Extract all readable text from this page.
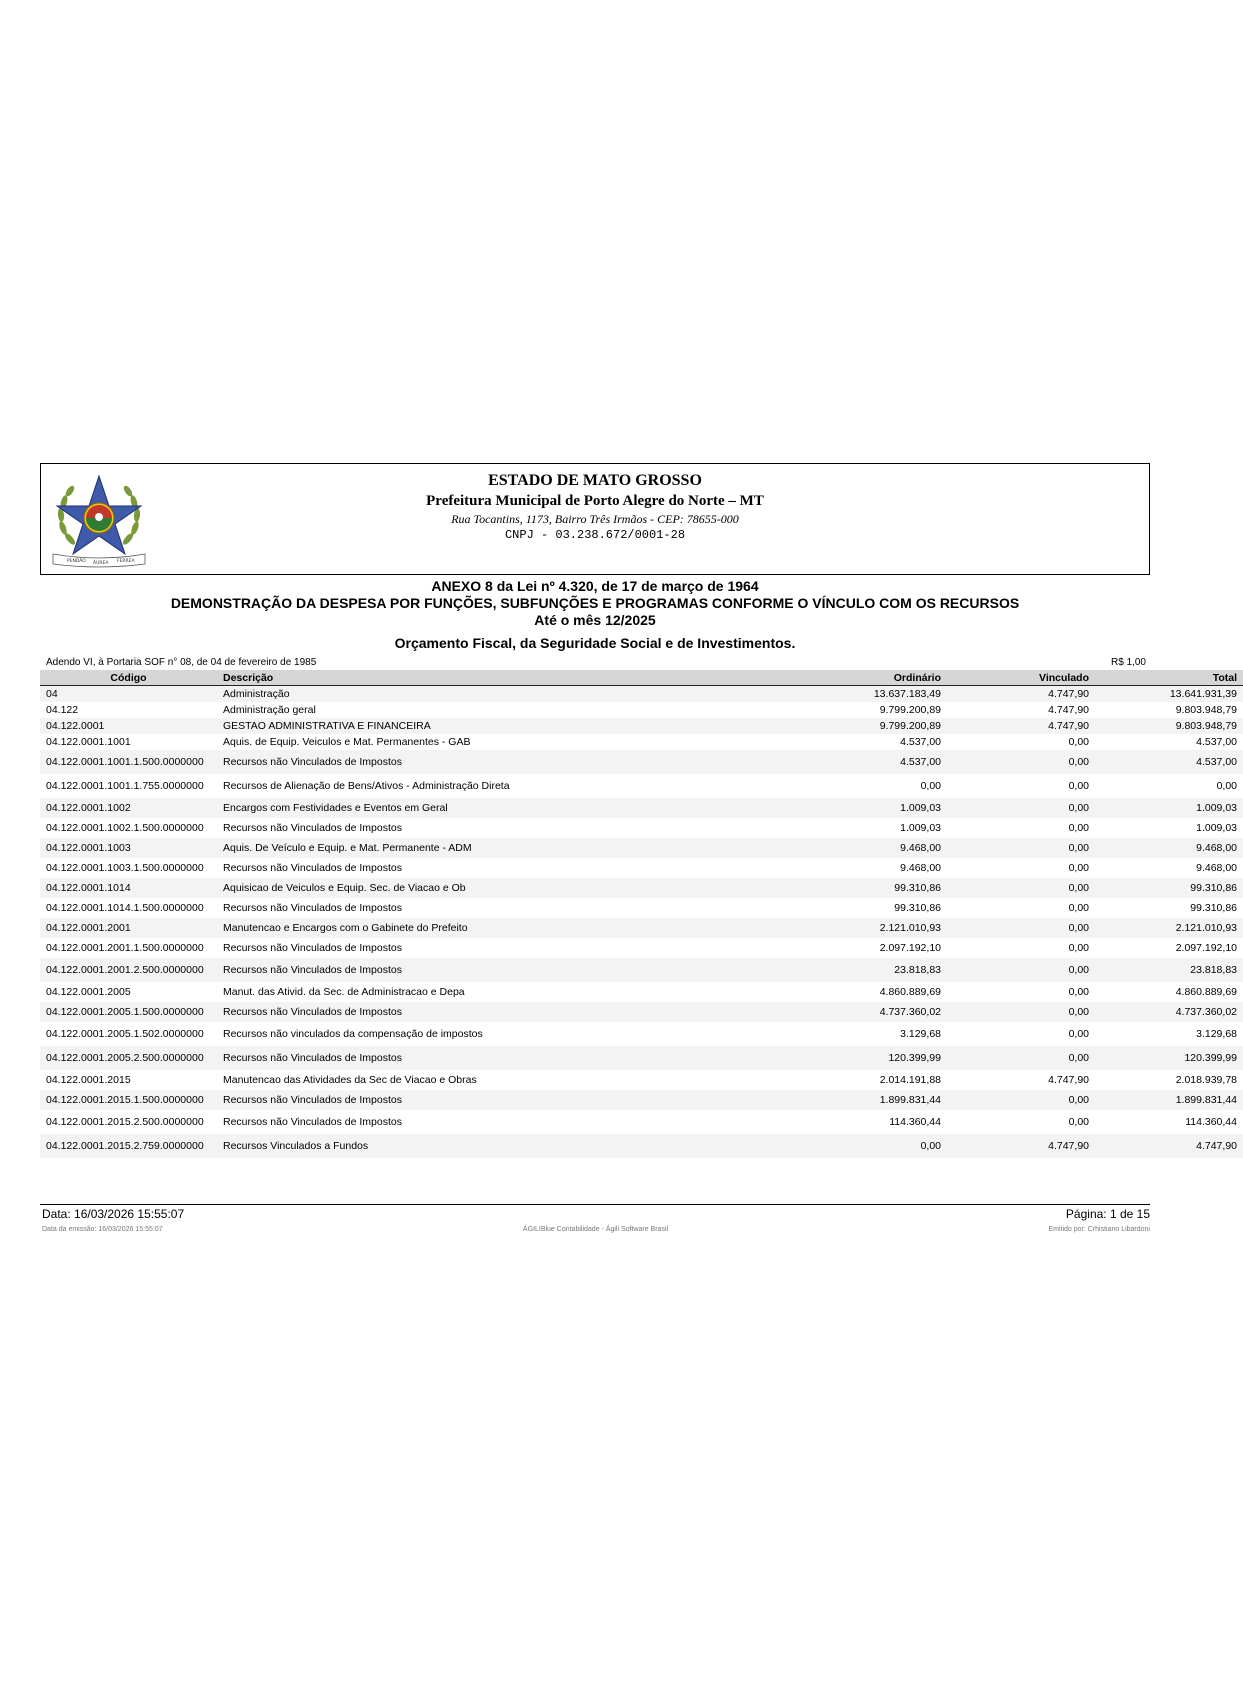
PENDÃO ÁUREA FERREA
ESTADO DE MATO GROSSO
Prefeitura Municipal de Porto Alegre do Norte – MT
Rua Tocantins, 1173, Bairro Três Irmãos - CEP: 78655-000
CNPJ - 03.238.672/0001-28
ANEXO 8 da Lei nº 4.320, de 17 de março de 1964
DEMONSTRAÇÃO DA DESPESA POR FUNÇÕES, SUBFUNÇÕES E PROGRAMAS CONFORME O VÍNCULO COM OS RECURSOS
Até o mês 12/2025
Orçamento Fiscal, da Seguridade Social e de Investimentos.
Adendo VI, à Portaria SOF n° 08, de 04 de fevereiro de 1985	R$ 1,00
Código	Descrição	Ordinário	Vinculado	Total
04	Administração	13.637.183,49	4.747,90	13.641.931,39
04.122	Administração geral	9.799.200,89	4.747,90	9.803.948,79
04.122.0001	GESTAO ADMINISTRATIVA E FINANCEIRA	9.799.200,89	4.747,90	9.803.948,79
04.122.0001.1001	Aquis. de Equip. Veiculos e Mat. Permanentes - GAB	4.537,00	0,00	4.537,00
04.122.0001.1001.1.500.0000000	Recursos não Vinculados de Impostos	4.537,00	0,00	4.537,00
04.122.0001.1001.1.755.0000000	Recursos de Alienação de Bens/Ativos - Administração Direta	0,00	0,00	0,00
04.122.0001.1002	Encargos com Festividades e Eventos em Geral	1.009,03	0,00	1.009,03
04.122.0001.1002.1.500.0000000	Recursos não Vinculados de Impostos	1.009,03	0,00	1.009,03
04.122.0001.1003	Aquis. De Veículo e Equip. e Mat. Permanente - ADM	9.468,00	0,00	9.468,00
04.122.0001.1003.1.500.0000000	Recursos não Vinculados de Impostos	9.468,00	0,00	9.468,00
04.122.0001.1014	Aquisicao de Veiculos e Equip. Sec. de Viacao e Ob	99.310,86	0,00	99.310,86
04.122.0001.1014.1.500.0000000	Recursos não Vinculados de Impostos	99.310,86	0,00	99.310,86
04.122.0001.2001	Manutencao e Encargos com o Gabinete do Prefeito	2.121.010,93	0,00	2.121.010,93
04.122.0001.2001.1.500.0000000	Recursos não Vinculados de Impostos	2.097.192,10	0,00	2.097.192,10
04.122.0001.2001.2.500.0000000	Recursos não Vinculados de Impostos	23.818,83	0,00	23.818,83
04.122.0001.2005	Manut. das Ativid. da Sec. de Administracao e Depa	4.860.889,69	0,00	4.860.889,69
04.122.0001.2005.1.500.0000000	Recursos não Vinculados de Impostos	4.737.360,02	0,00	4.737.360,02
04.122.0001.2005.1.502.0000000	Recursos não vinculados da compensação de impostos	3.129,68	0,00	3.129,68
04.122.0001.2005.2.500.0000000	Recursos não Vinculados de Impostos	120.399,99	0,00	120.399,99
04.122.0001.2015	Manutencao das Atividades da Sec de Viacao e Obras	2.014.191,88	4.747,90	2.018.939,78
04.122.0001.2015.1.500.0000000	Recursos não Vinculados de Impostos	1.899.831,44	0,00	1.899.831,44
04.122.0001.2015.2.500.0000000	Recursos não Vinculados de Impostos	114.360,44	0,00	114.360,44
04.122.0001.2015.2.759.0000000	Recursos Vinculados a Fundos	0,00	4.747,90	4.747,90
Data: 16/03/2026 15:55:07	Página: 1 de 15
Data da emissão: 16/03/2026 15:55:07	ÁGILIBlue Contabilidade - Ágili Software Brasil	Emitido por: Crhistiano Libardoni
